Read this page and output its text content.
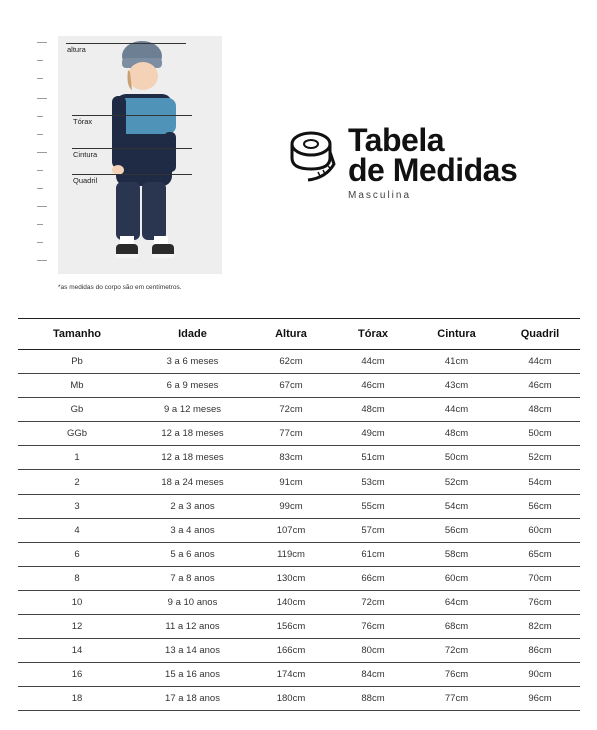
altura
Tórax
Cintura
Quadril
*as medidas do corpo são em centímetros.
Tabela
de Medidas
Masculina
Tamanho	Idade	Altura	Tórax	Cintura	Quadril
Pb	3 a 6 meses	62cm	44cm	41cm	44cm
Mb	6 a 9 meses	67cm	46cm	43cm	46cm
Gb	9 a 12 meses	72cm	48cm	44cm	48cm
GGb	12 a 18 meses	77cm	49cm	48cm	50cm
1	12 a 18 meses	83cm	51cm	50cm	52cm
2	18 a 24 meses	91cm	53cm	52cm	54cm
3	2 a 3 anos	99cm	55cm	54cm	56cm
4	3 a 4 anos	107cm	57cm	56cm	60cm
6	5 a 6 anos	119cm	61cm	58cm	65cm
8	7 a 8 anos	130cm	66cm	60cm	70cm
10	9 a 10 anos	140cm	72cm	64cm	76cm
12	11 a 12 anos	156cm	76cm	68cm	82cm
14	13 a 14 anos	166cm	80cm	72cm	86cm
16	15 a 16 anos	174cm	84cm	76cm	90cm
18	17 a 18 anos	180cm	88cm	77cm	96cm
